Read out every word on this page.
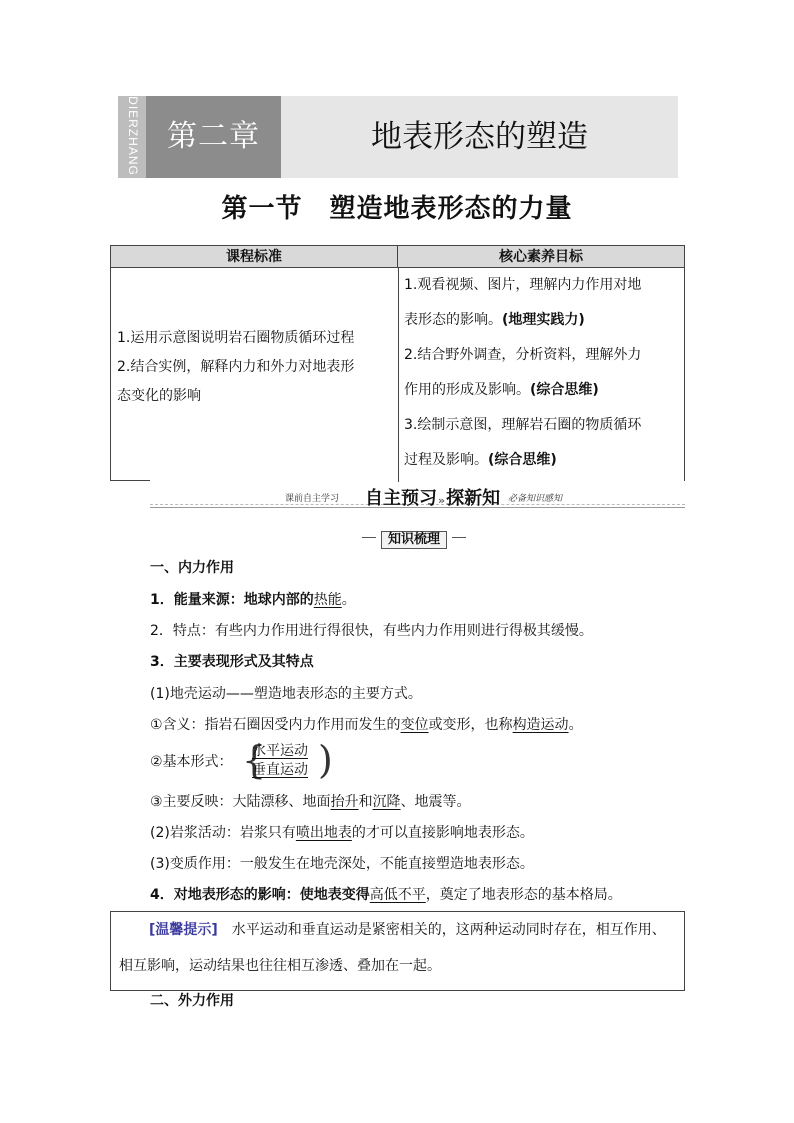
DIERZHANG 第二章	地表形态的塑造
第一节　塑造地表形态的力量
课程标准	核心素养目标
1.运用示意图说明岩石圈物质循环过程
2.结合实例，解释内力和外力对地表形
态变化的影响
1.观看视频、图片，理解内力作用对地
表形态的影响。(地理实践力)
2.结合野外调查，分析资料，理解外力
作用的形成及影响。(综合思维)
3.绘制示意图，理解岩石圈的物质循环
过程及影响。(综合思维)
课前自主学习 自主预习»探新知 必备知识感知
知识梳理
一、内力作用
1．能量来源：地球内部的热能。
2．特点：有些内力作用进行得很快，有些内力作用则进行得极其缓慢。
3．主要表现形式及其特点
(1)地壳运动——塑造地表形态的主要方式。
①含义：指岩石圈因受内力作用而发生的变位或变形，也称构造运动。
②基本形式： {
水平运动
垂直运动 )
③主要反映：大陆漂移、地面抬升和沉降、地震等。
(2)岩浆活动：岩浆只有喷出地表的才可以直接影响地表形态。
(3)变质作用：一般发生在地壳深处，不能直接塑造地表形态。
4．对地表形态的影响：使地表变得高低不平，奠定了地表形态的基本格局。
[温馨提示]　 水平运动和垂直运动是紧密相关的，这两种运动同时存在，相互作用、相互影响，运动结果也往往相互渗透、叠加在一起。
二、外力作用
